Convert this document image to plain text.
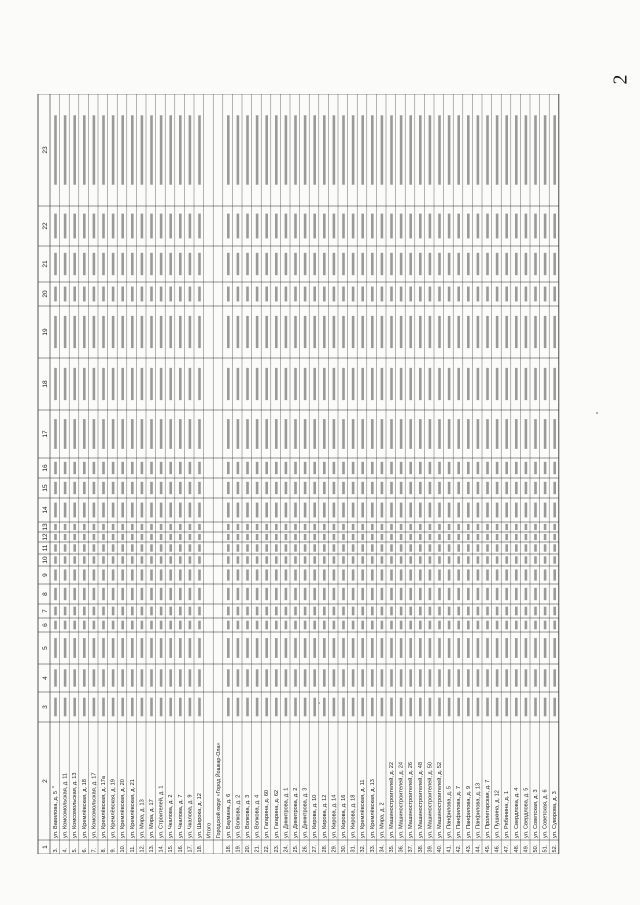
2
1
2
3
4
5
6
7
8
9
10
11
12
13
14
15
16
17
18
19
20
21
22
23
3.
ул. Вавилова, д. 5
4.
ул. Комсомольская, д. 11
5.
ул. Комсомольская, д. 13
6.
ул. Кремлёвская, д. 18
7.
ул. Комсомольская, д. 17
8.
ул. Кремлёвская, д. 17а
9.
ул. Кремлёвская, д. 19
10.
ул. Кремлёвская, д. 20
11.
ул. Кремлёвская, д. 21
12.
ул. Мира, д. 13
13.
ул. Мира, д. 17
14.
ул. Строителей, д. 1
15.
ул. Чкалова, д. 2
16.
ул. Чкалова, д. 7
17.
ул. Чкалова, д. 9
18.
ул. Широка, д. 12 Итого Городской округ «Город Йошкар-Ола»
18.
ул. Баумана, д. 6
19.
ул. Волкова, д. 2
20.
ул. Волкова, д. 3
21.
ул. Волкова, д. 4
22.
ул. Гагарина, д. 60
23.
ул. Гагарина, д. 62
24.
ул. Димитрова, д. 1
25.
ул. Димитрова, д. 2
26.
ул. Димитрова, д. 3
27.
ул. Кирова, д. 10
28.
ул. Кирова, д. 12
29.
ул. Кирова, д. 14
30.
ул. Кирова, д. 16
31.
ул. Кирова, д. 18
32.
ул. Кремлёвская, д. 11
33.
ул. Кремлёвская, д. 13
34.
ул. Мира, д. 2
35.
ул. Машиностроителей, д. 22
36.
ул. Машиностроителей, д. 24
37.
ул. Машиностроителей, д. 26
38.
ул. Машиностроителей, д. 48
39.
ул. Машиностроителей, д. 50
40.
ул. Машиностроителей, д. 52
41.
ул. Панфилова, д. 5
42.
ул. Панфилова, д. 7
43.
ул. Панфилова, д. 9
44.
ул. Панфилова, д. 13
45.
ул. Пролетарская, д. 7
46.
ул. Пушкина, д. 12
47.
ул. Рябинина, д. 1
48.
ул. Свердлова, д. 4
49.
ул. Свердлова, д. 5
50.
ул. Советская, д. 3
51.
ул. Советская, д. 6
52.
ул. Суворова, д. 3
